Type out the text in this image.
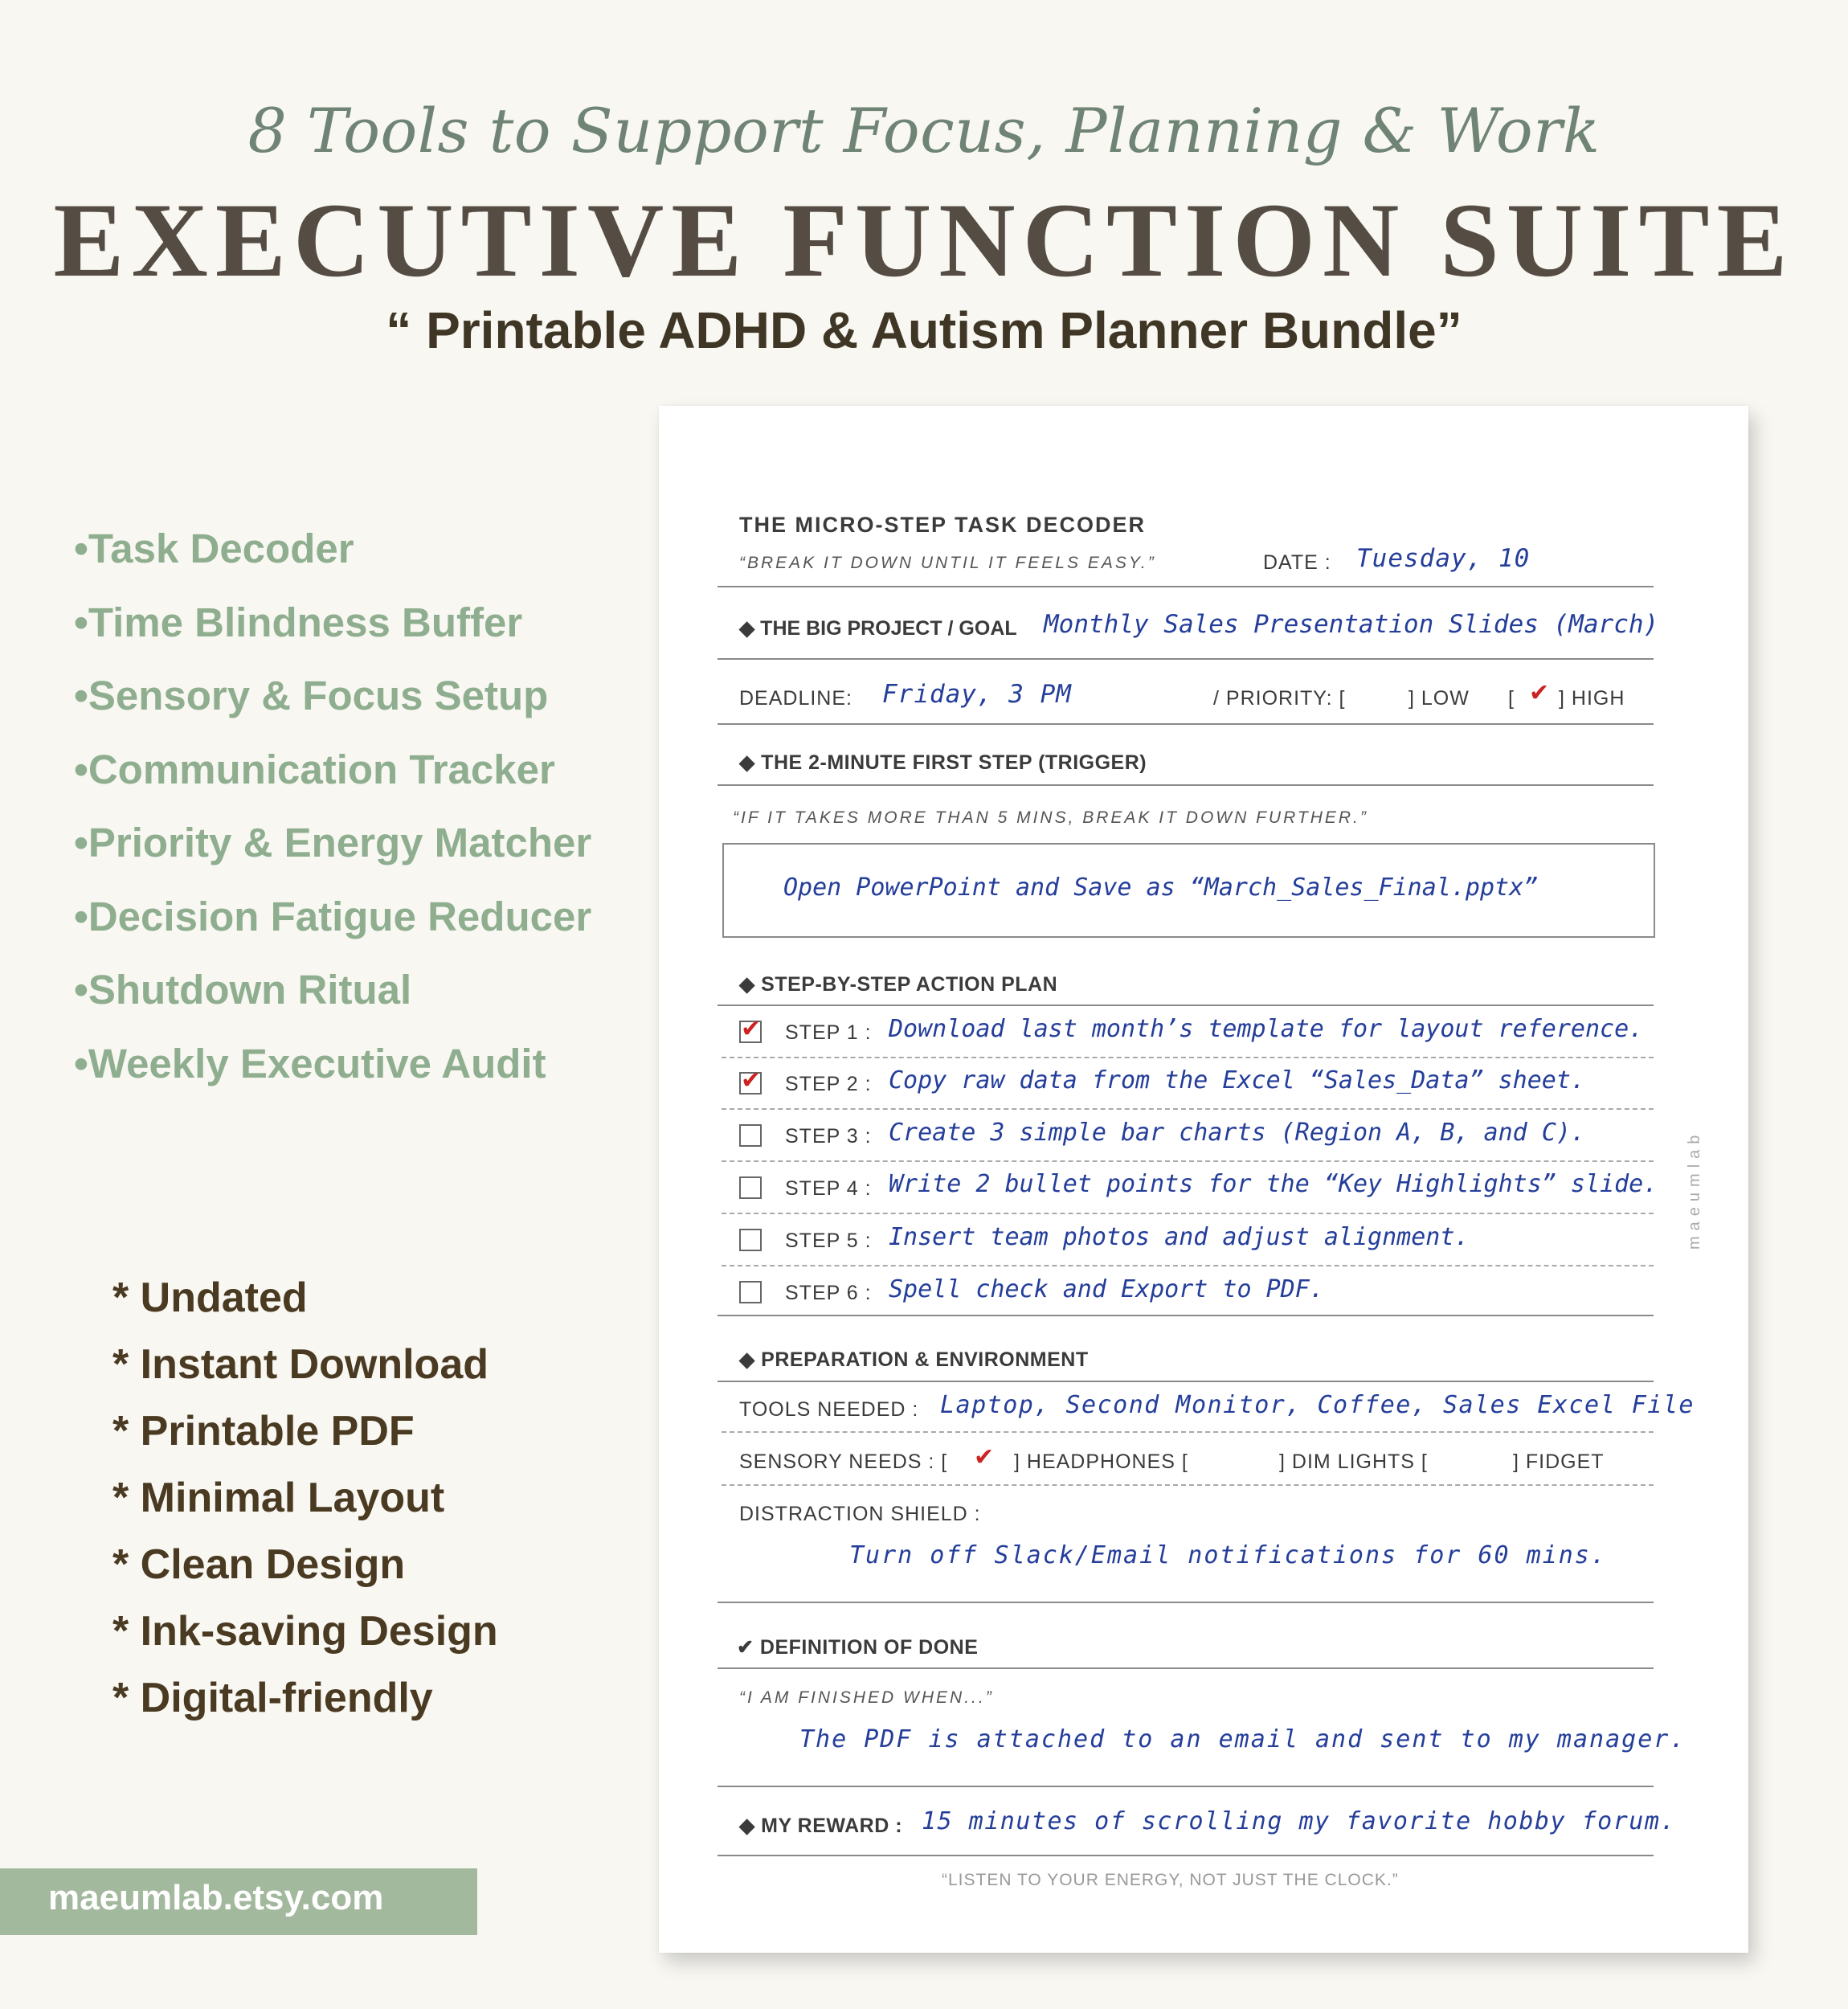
8 Tools to Support Focus, Planning & Work
EXECUTIVE FUNCTION SUITE
“ Printable ADHD & Autism Planner Bundle”
•Task Decoder
•Time Blindness Buffer
•Sensory & Focus Setup
•Communication Tracker
•Priority & Energy Matcher
•Decision Fatigue Reducer
•Shutdown Ritual
•Weekly Executive Audit
* Undated
* Instant Download
* Printable PDF
* Minimal Layout
* Clean Design
* Ink-saving Design
* Digital-friendly
maeumlab.etsy.com
THE MICRO-STEP TASK DECODER
“BREAK IT DOWN UNTIL IT FEELS EASY.”	DATE : Tuesday, 10
◆ THE BIG PROJECT / GOAL Monthly Sales Presentation Slides (March)
DEADLINE: Friday, 3 PM	/ PRIORITY: [	] LOW [ ✔ ] HIGH
◆ THE 2-MINUTE FIRST STEP (TRIGGER)
“IF IT TAKES MORE THAN 5 MINS, BREAK IT DOWN FURTHER.”
Open PowerPoint and Save as “March_Sales_Final.pptx”
◆ STEP-BY-STEP ACTION PLAN
✔ STEP 1 : Download last month’s template for layout reference.
✔ STEP 2 : Copy raw data from the Excel “Sales_Data” sheet.
STEP 3 : Create 3 simple bar charts (Region A, B, and C).
STEP 4 : Write 2 bullet points for the “Key Highlights” slide.
STEP 5 : Insert team photos and adjust alignment.
STEP 6 : Spell check and Export to PDF.
◆ PREPARATION & ENVIRONMENT
TOOLS NEEDED : Laptop, Second Monitor, Coffee, Sales Excel File
SENSORY NEEDS : [ ✔ ] HEADPHONES [	] DIM LIGHTS [	] FIDGET
DISTRACTION SHIELD :
Turn off Slack/Email notifications for 60 mins.
✔ DEFINITION OF DONE
“I AM FINISHED WHEN...”
The PDF is attached to an email and sent to my manager.
◆ MY REWARD : 15 minutes of scrolling my favorite hobby forum.
“LISTEN TO YOUR ENERGY, NOT JUST THE CLOCK.”
maeumlab
